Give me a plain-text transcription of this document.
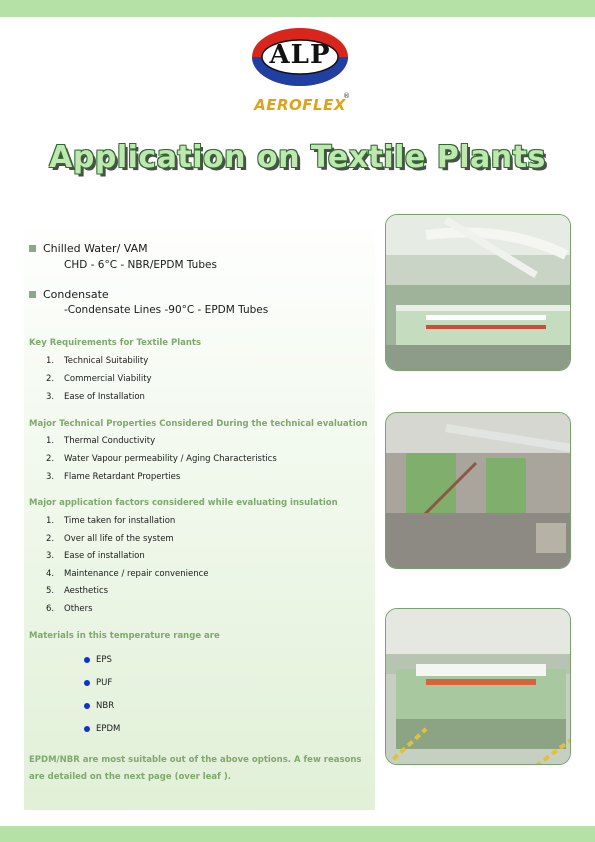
ALP
AEROFLEX
®
Application on Textile Plants
Chilled Water/ VAM
CHD - 6°C - NBR/EPDM Tubes
Condensate
-Condensate Lines -90°C - EPDM Tubes
Key Requirements for Textile Plants
1. Technical Suitability
2. Commercial Viability
3. Ease of Installation
Major Technical Properties Considered During the technical evaluation
1. Thermal Conductivity
2. Water Vapour permeability / Aging Characteristics
3. Flame Retardant Properties
Major application factors considered while evaluating insulation
1. Time taken for installation
2. Over all life of the system
3. Ease of installation
4. Maintenance / repair convenience
5. Aesthetics
6. Others
Materials in this temperature range are
EPS
PUF
NBR
EPDM
EPDM/NBR are most suitable out of the above options. A few reasons are detailed on the next page (over leaf ).
